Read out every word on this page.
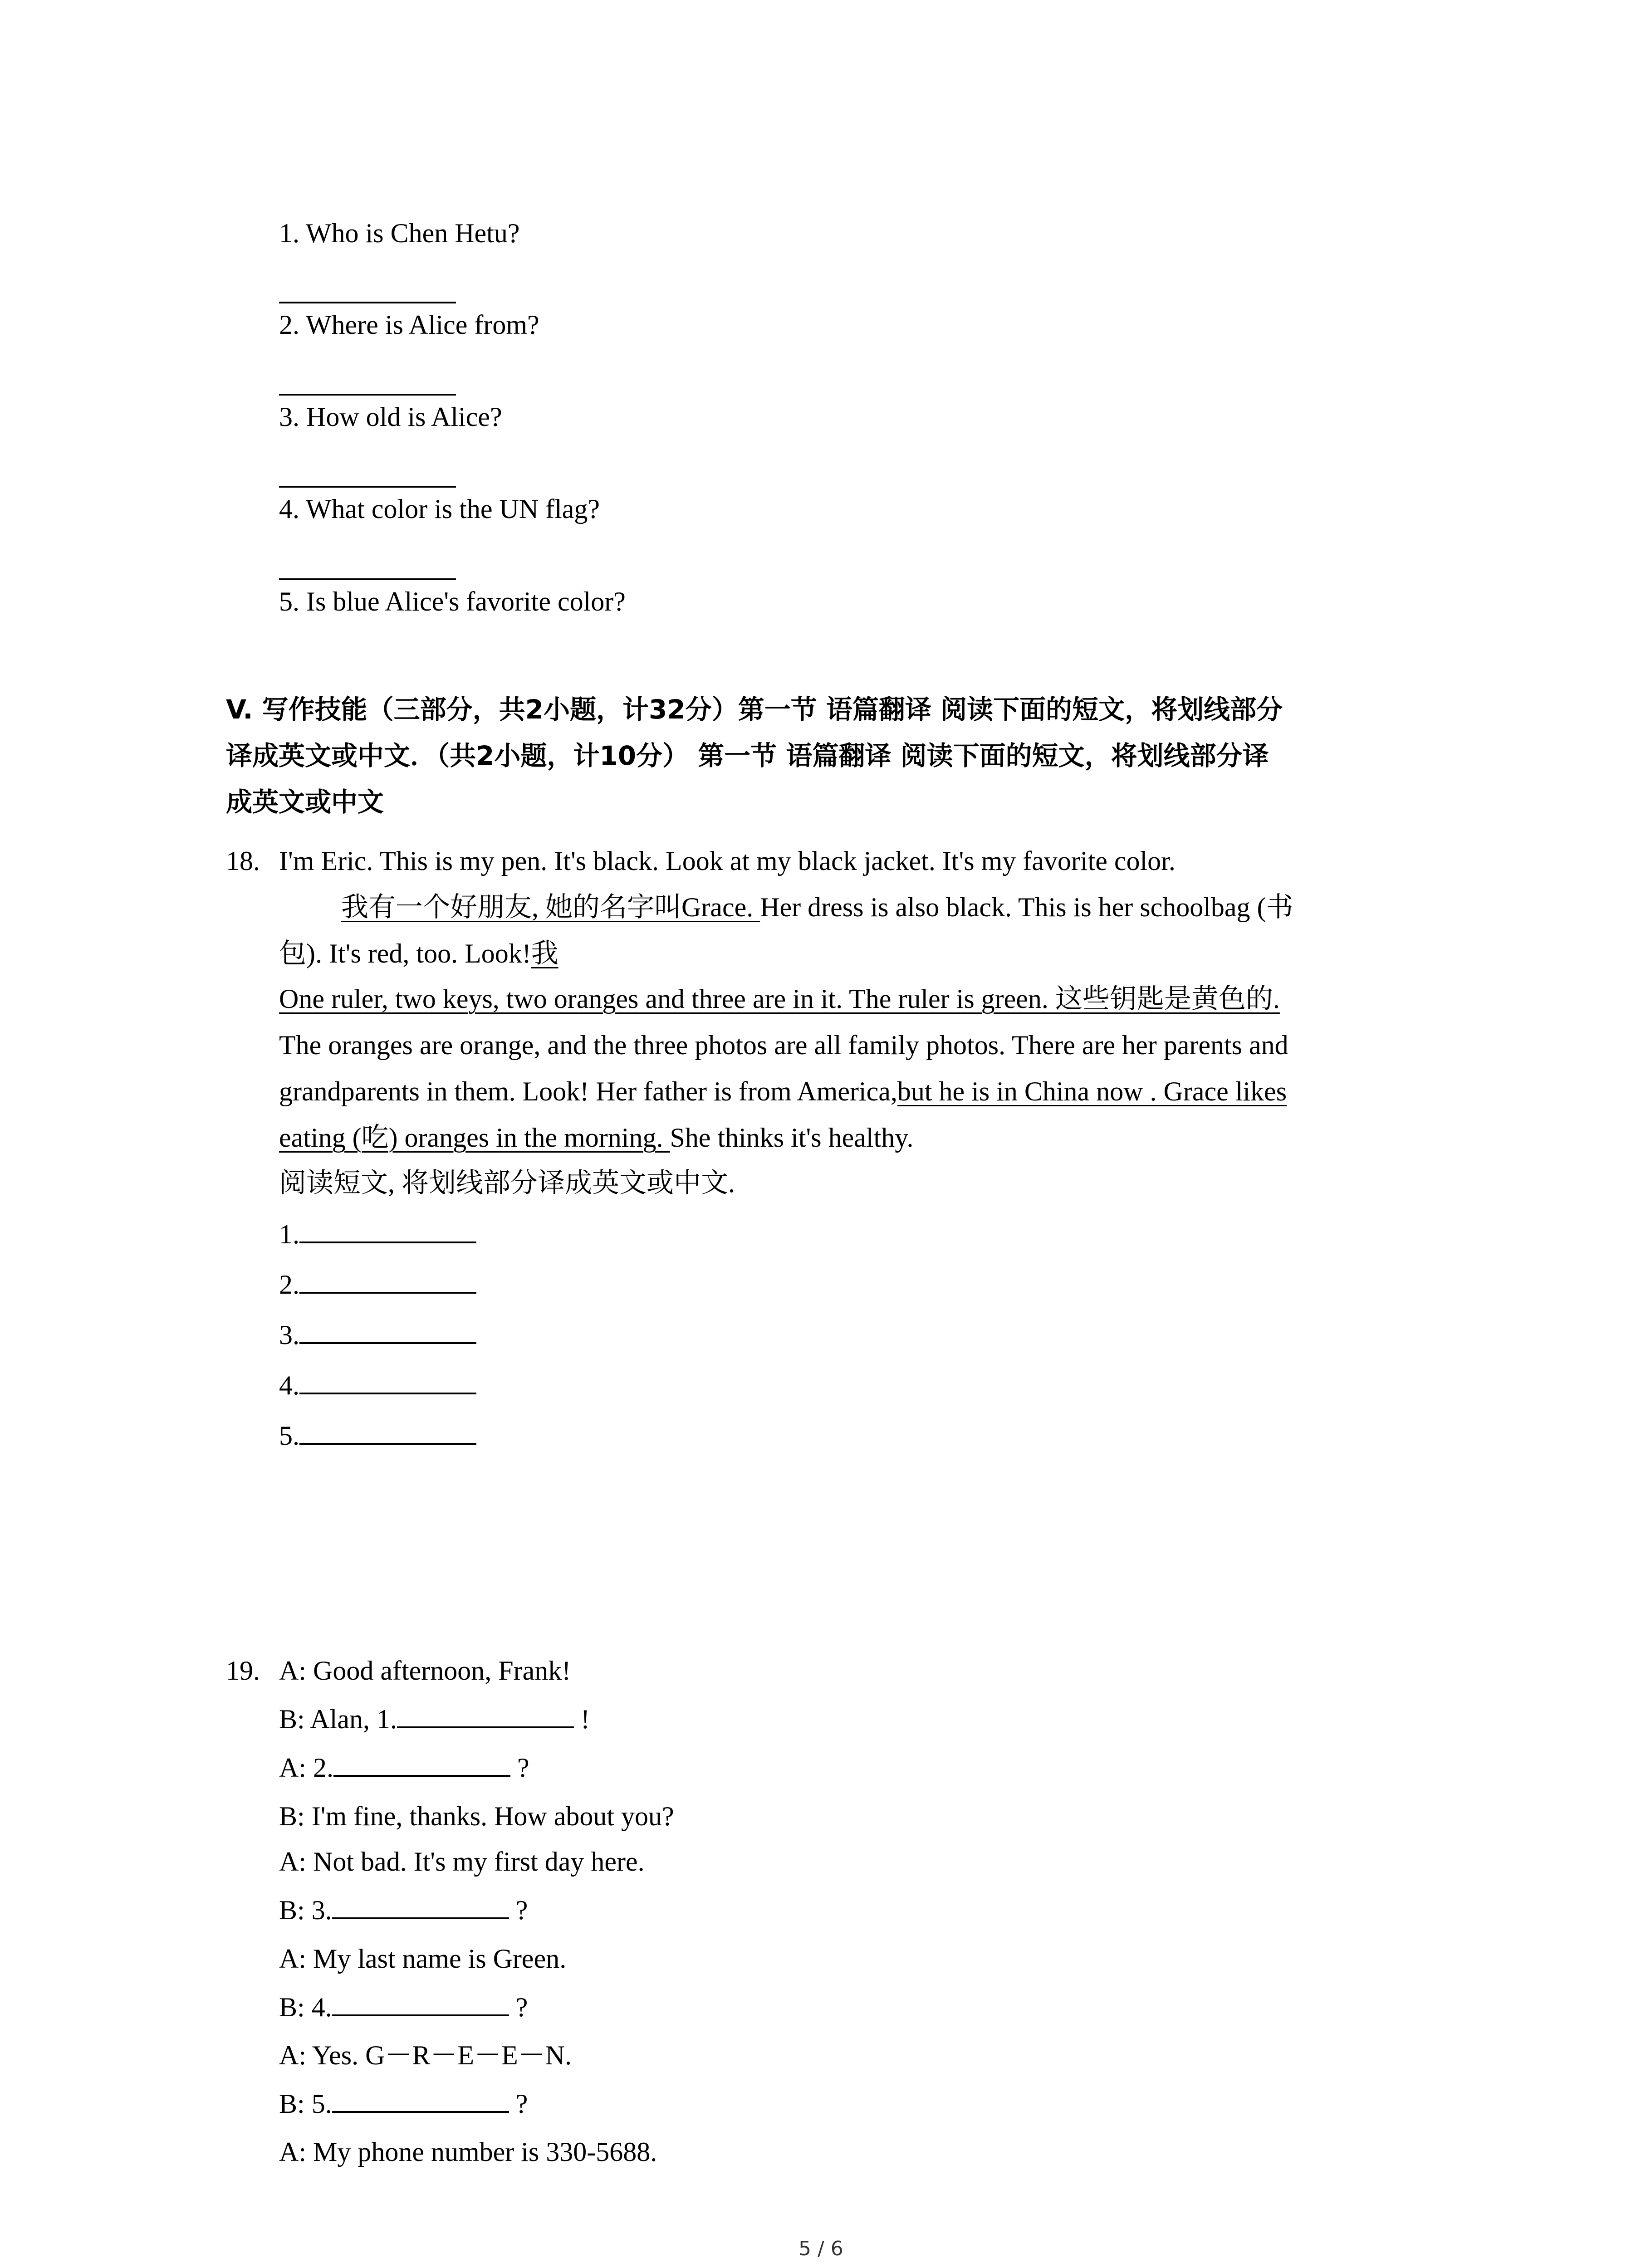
1. Who is Chen Hetu?
2. Where is Alice from?
3. How old is Alice?
4. What color is the UN flag?
5. Is blue Alice's favorite color?
V. 写作技能（三部分，共2小题，计32分）第一节 语篇翻译 阅读下面的短文，将划线部分
译成英文或中文．（共2小题，计10分） 第一节 语篇翻译 阅读下面的短文，将划线部分译
成英文或中文
18. I'm Eric. This is my pen. It's black. Look at my black jacket. It's my favorite color.
我有一个好朋友, 她的名字叫Grace. Her dress is also black. This is her schoolbag (书
包). It's red, too. Look!我
One ruler, two keys, two oranges and three are in it. The ruler is green. 这些钥匙是黄色的.
The oranges are orange, and the three photos are all family photos. There are her parents and
grandparents in them. Look! Her father is from America,but he is in China now . Grace likes
eating (吃) oranges in the morning. She thinks it's healthy.
阅读短文, 将划线部分译成英文或中文.
1.
2.
3.
4.
5.
19. A: Good afternoon, Frank!
B: Alan, 1.	!
A: 2.	?
B: I'm fine, thanks. How about you?
A: Not bad. It's my first day here.
B: 3.	?
A: My last name is Green.
B: 4.	?
A: Yes. G－R－E－E－N.
B: 5.	?
A: My phone number is 330-5688.
5 / 6
